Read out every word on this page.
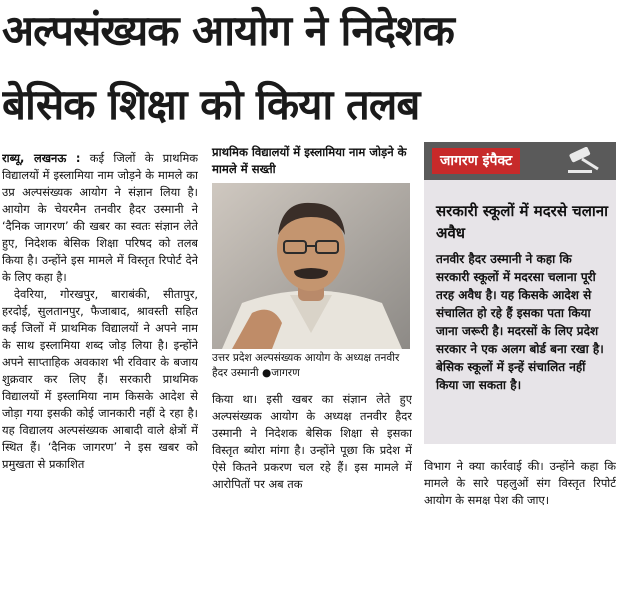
अल्पसंख्यक आयोग ने निदेशक
बेसिक शिक्षा को किया तलब

राब्यू, लखनऊ : कई जिलों के प्राथमिक विद्यालयों में इस्लामिया नाम जोड़ने के मामले का उप्र अल्पसंख्यक आयोग ने संज्ञान लिया है। आयोग के चेयरमैन तनवीर हैदर उस्मानी ने ‘दैनिक जागरण’ की खबर का स्वतः संज्ञान लेते हुए, निदेशक बेसिक शिक्षा परिषद को तलब किया है। उन्होंने इस मामले में विस्तृत रिपोर्ट देने के लिए कहा है।

देवरिया, गोरखपुर, बाराबंकी, सीतापुर, हरदोई, सुलतानपुर, फैजाबाद, श्रावस्ती सहित कई जिलों में प्राथमिक विद्यालयों ने अपने नाम के साथ इस्लामिया शब्द जोड़ लिया है। इन्होंने अपने साप्ताहिक अवकाश भी रविवार के बजाय शुक्रवार कर लिए हैं। सरकारी प्राथमिक विद्यालयों में इस्लामिया नाम किसके आदेश से जोड़ा गया इसकी कोई जानकारी नहीं दे रहा है। यह विद्यालय अल्पसंख्यक आबादी वाले क्षेत्रों में स्थित हैं। ‘दैनिक जागरण’ ने इस खबर को प्रमुखता से प्रकाशित

प्राथमिक विद्यालयों में इस्लामिया नाम जोड़ने के मामले में सख्ती
उत्तर प्रदेश अल्पसंख्यक आयोग के अध्यक्ष तनवीर हैदर उस्मानी ●जागरण
किया था। इसी खबर का संज्ञान लेते हुए अल्पसंख्यक आयोग के अध्यक्ष तनवीर हैदर उस्मानी ने निदेशक बेसिक शिक्षा से इसका विस्तृत ब्योरा मांगा है। उन्होंने पूछा कि प्रदेश में ऐसे कितने प्रकरण चल रहे हैं। इस मामले में आरोपितों पर अब तक
जागरण इंपैक्ट
सरकारी स्कूलों में मदरसे चलाना अवैध
तनवीर हैदर उस्मानी ने कहा कि सरकारी स्कूलों में मदरसा चलाना पूरी तरह अवैध है। यह किसके आदेश से संचालित हो रहे हैं इसका पता किया जाना जरूरी है। मदरसों के लिए प्रदेश सरकार ने एक अलग बोर्ड बना रखा है। बेसिक स्कूलों में इन्हें संचालित नहीं किया जा सकता है।
विभाग ने क्या कार्रवाई की। उन्होंने कहा कि मामले के सारे पहलुओं संग विस्तृत रिपोर्ट आयोग के समक्ष पेश की जाए।
